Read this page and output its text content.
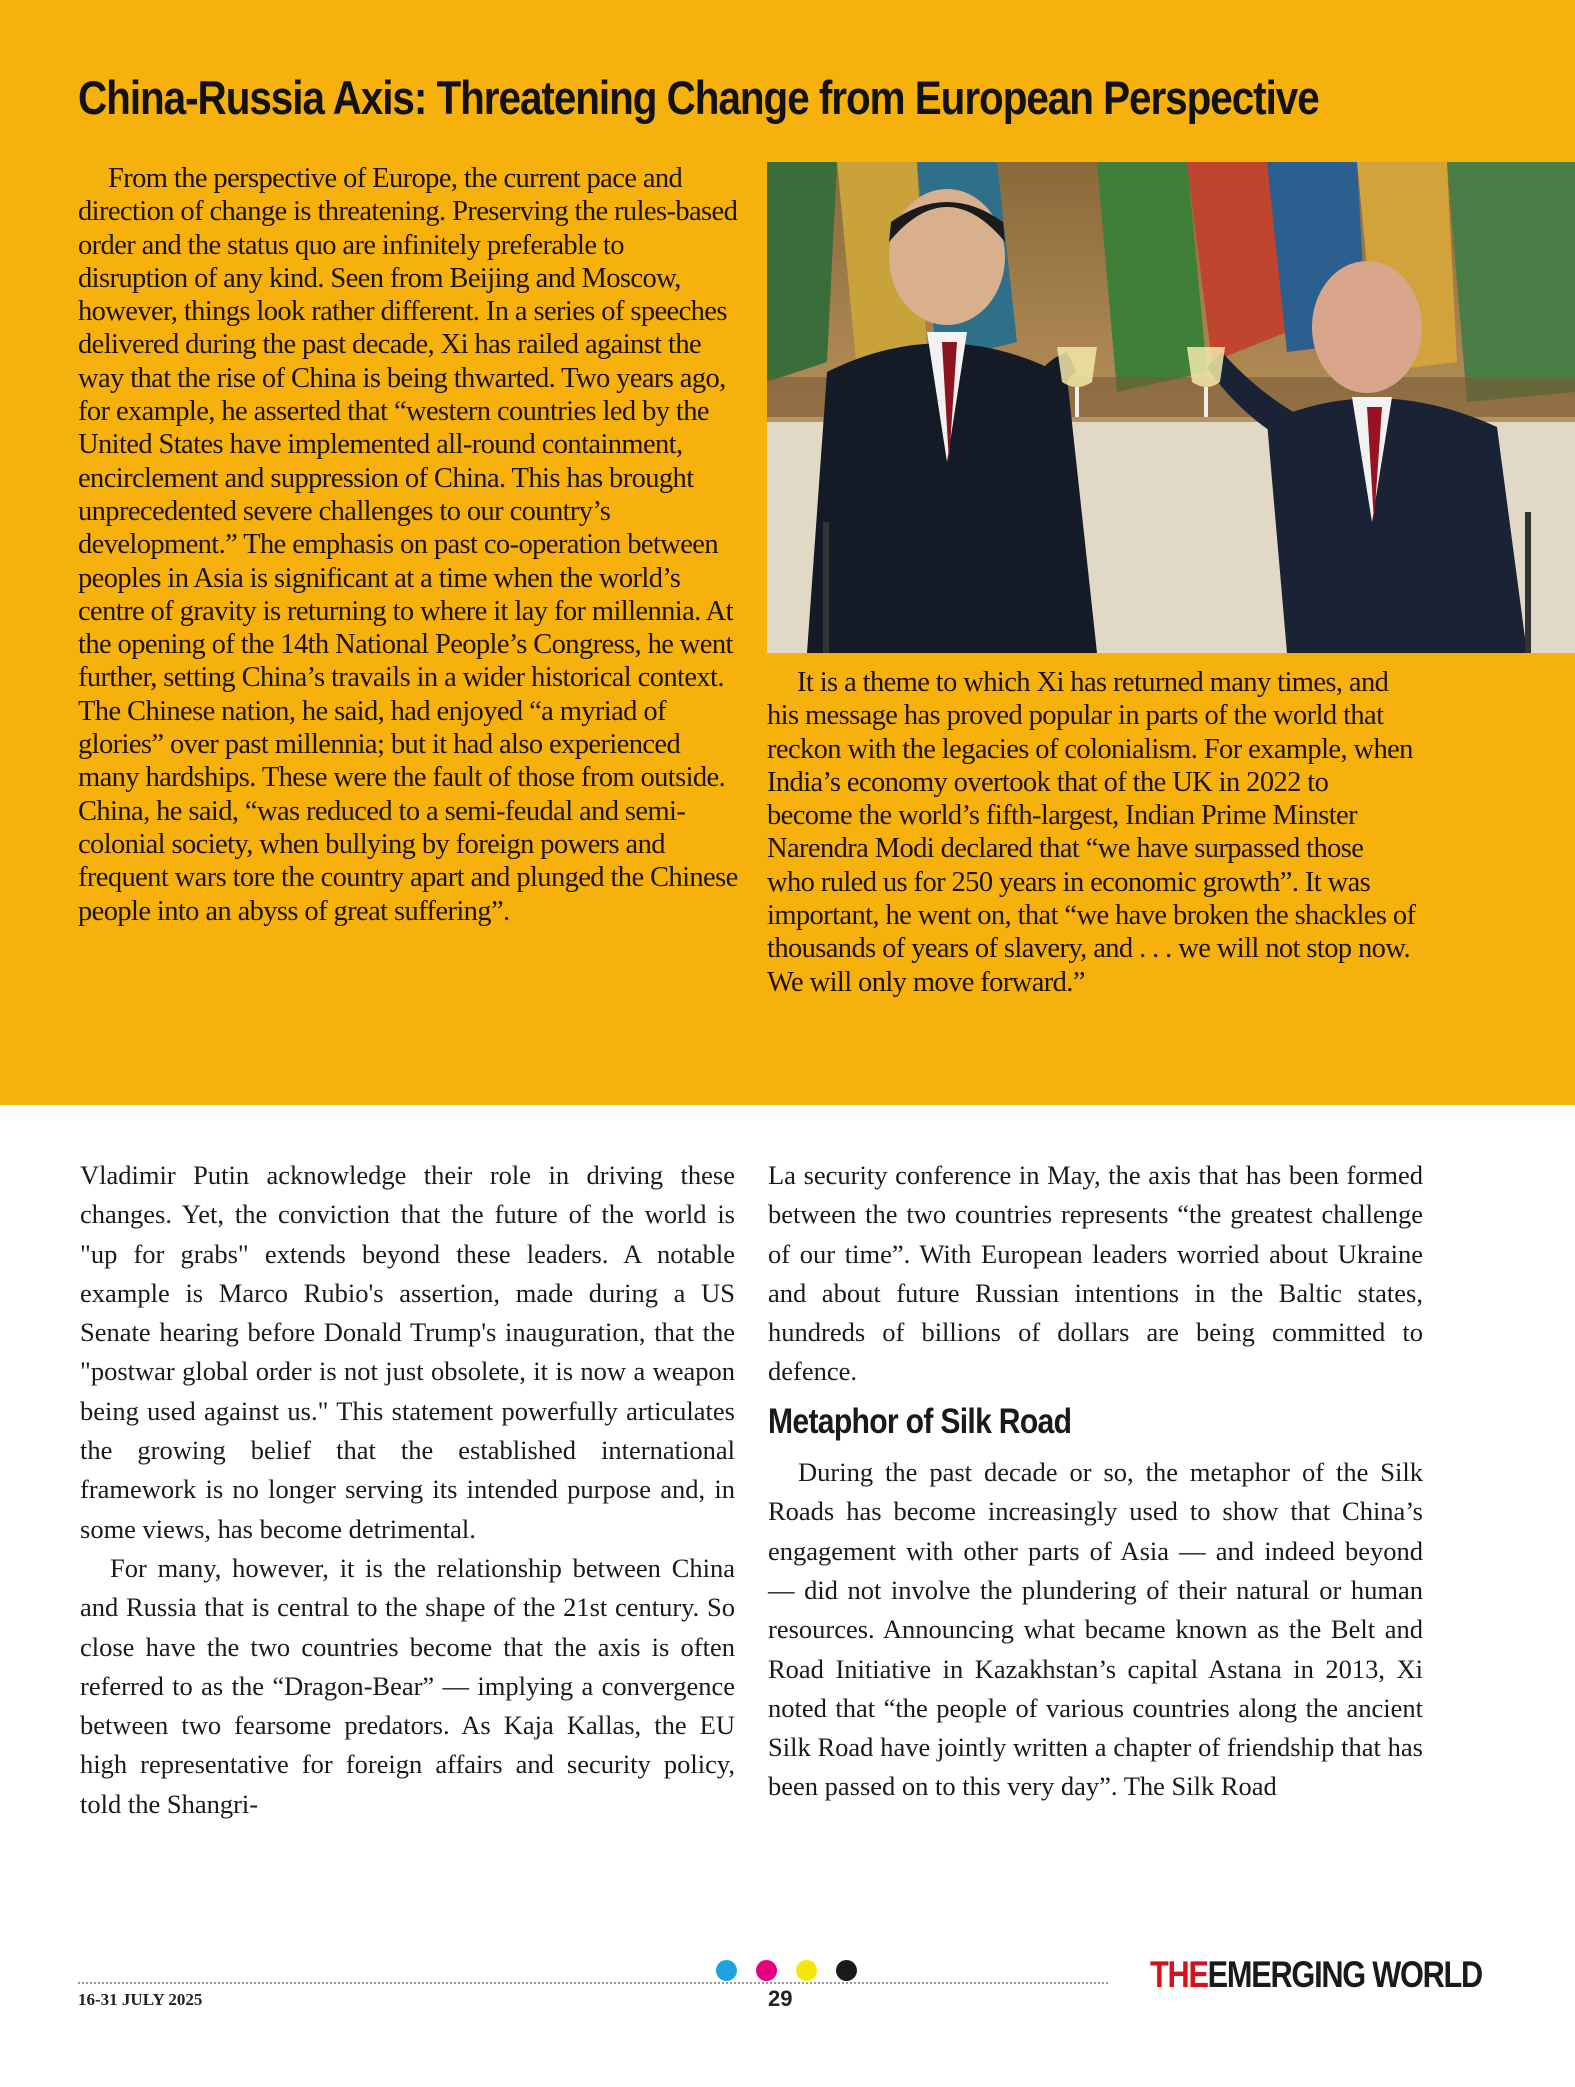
China-Russia Axis: Threatening Change from European Perspective

From the perspective of Europe, the current pace and direction of change is threatening. Preserving the rules-based order and the status quo are infinitely preferable to disruption of any kind. Seen from Beijing and Moscow, however, things look rather different. In a series of speeches delivered during the past decade, Xi has railed against the way that the rise of China is being thwarted. Two years ago, for example, he asserted that “western countries led by the United States have implemented all-round containment, encirclement and suppression of China. This has brought unprecedented severe challenges to our country’s development.” The emphasis on past co-operation between peoples in Asia is significant at a time when the world’s centre of gravity is returning to where it lay for millennia. At the opening of the 14th National People’s Congress, he went further, setting China’s travails in a wider historical context. The Chinese nation, he said, had enjoyed “a myriad of glories” over past millennia; but it had also experienced many hardships. These were the fault of those from outside. China, he said, “was reduced to a semi-feudal and semi-colonial society, when bullying by foreign powers and frequent wars tore the country apart and plunged the Chinese people into an abyss of great suffering”.

It is a theme to which Xi has returned many times, and his message has proved popular in parts of the world that reckon with the legacies of colonialism. For example, when India’s economy overtook that of the UK in 2022 to become the world’s fifth-largest, Indian Prime Minster Narendra Modi declared that “we have surpassed those who ruled us for 250 years in economic growth”. It was important, he went on, that “we have broken the shackles of thousands of years of slavery, and . . . we will not stop now. We will only move forward.”

Vladimir Putin acknowledge their role in driving these changes. Yet, the conviction that the future of the world is "up for grabs" extends beyond these leaders. A notable example is Marco Rubio's assertion, made during a US Senate hearing before Donald Trump's inauguration, that the "postwar global order is not just obsolete, it is now a weapon being used against us." This statement powerfully articulates the growing belief that the established international framework is no longer serving its intended purpose and, in some views, has become detrimental.

For many, however, it is the relationship between China and Russia that is central to the shape of the 21st century. So close have the two countries become that the axis is often referred to as the “Dragon-Bear” — implying a convergence between two fearsome predators. As Kaja Kallas, the EU high representative for foreign affairs and security policy, told the Shangri-

La security conference in May, the axis that has been formed between the two countries represents “the greatest challenge of our time”. With European leaders worried about Ukraine and about future Russian intentions in the Baltic states, hundreds of billions of dollars are being committed to defence.

Metaphor of Silk Road

During the past decade or so, the metaphor of the Silk Roads has become increasingly used to show that China’s engagement with other parts of Asia — and indeed beyond — did not involve the plundering of their natural or human resources. Announcing what became known as the Belt and Road Initiative in Kazakhstan’s capital Astana in 2013, Xi noted that “the people of various countries along the ancient Silk Road have jointly written a chapter of friendship that has been passed on to this very day”. The Silk Road

16-31 JULY 2025	29
THEEMERGING WORLD
